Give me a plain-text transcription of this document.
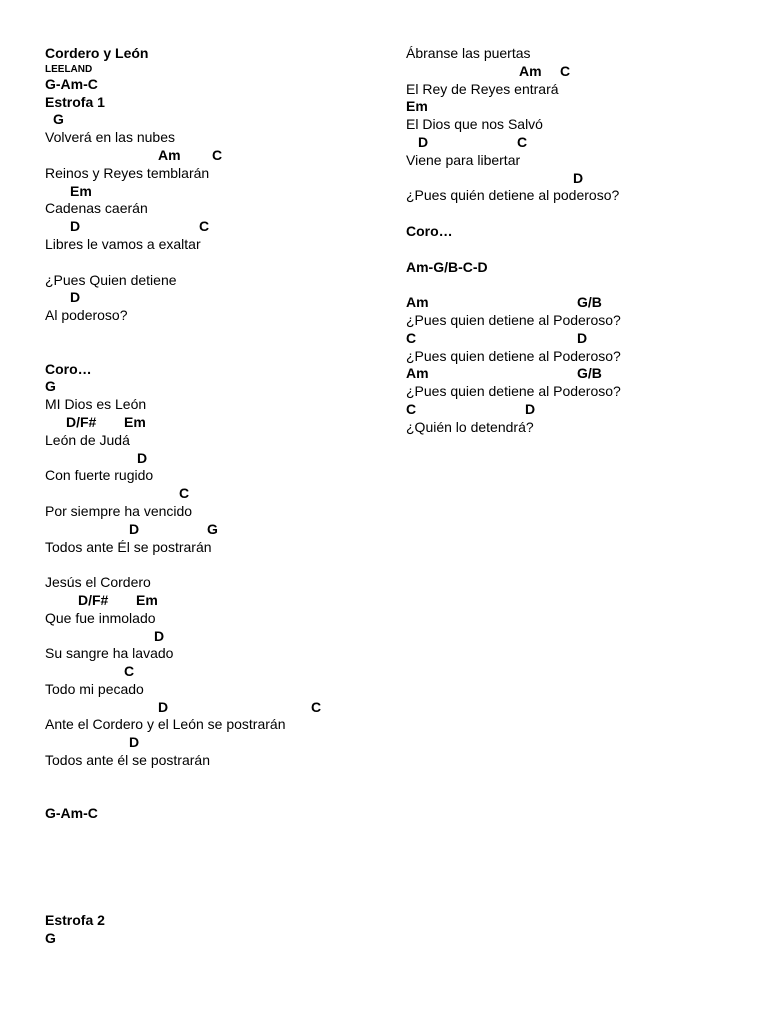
Cordero y León
LEELAND
G-Am-C
Estrofa 1
G
Volverá en las nubes
Am C
Reinos y Reyes temblarán
Em
Cadenas caerán
D	C
Libres le vamos a exaltar
¿Pues Quien detiene
D
Al poderoso?
Coro…
G
MI Dios es León
D/F# Em
León de Judá
D
Con fuerte rugido
C
Por siempre ha vencido
D	G
Todos ante Él se postrarán
Jesús el Cordero
D/F# Em
Que fue inmolado
D
Su sangre ha lavado
C
Todo mi pecado
D	C
Ante el Cordero y el León se postrarán
D
Todos ante él se postrarán
G-Am-C
Estrofa 2
G
Ábranse las puertas
Am C
El Rey de Reyes entrará
Em
El Dios que nos Salvó
D	C
Viene para libertar
D
¿Pues quién detiene al poderoso?
Coro…
Am-G/B-C-D
Am	G/B
¿Pues quien detiene al Poderoso?
C	D
¿Pues quien detiene al Poderoso?
Am	G/B
¿Pues quien detiene al Poderoso?
C	D
¿Quién lo detendrá?
